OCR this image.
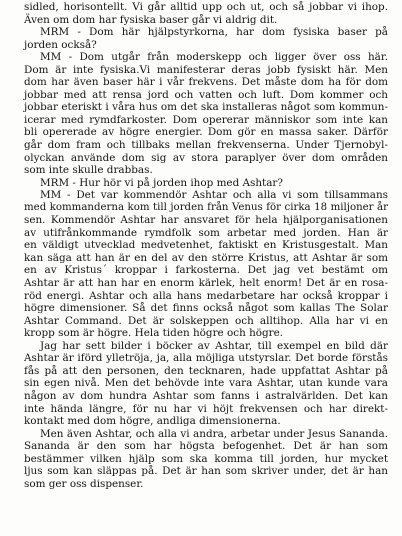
sidled, horisontellt. Vi går alltid upp och ut, och så jobbar vi ihop.
Även om dom har fysiska baser går vi aldrig dit.
MRM - Dom här hjälpstyrkorna, har dom fysiska baser på
jorden också?
MM - Dom utgår från moderskepp och ligger över oss här.
Dom är inte fysiska.Vi manifesterar deras jobb fysiskt här. Men
dom har även baser här i vår frekvens. Det måste dom ha för dom
jobbar med att rensa jord och vatten och luft. Dom kommer och
jobbar eteriskt i våra hus om det ska installeras något som kommun-
icerar med rymdfarkoster. Dom opererar människor som inte kan
bli opererade av högre energier. Dom gör en massa saker. Därför
går dom fram och tillbaks mellan frekvenserna. Under Tjernobyl-
olyckan använde dom sig av stora paraplyer över dom områden
som inte skulle drabbas.
MRM - Hur hör vi på jorden ihop med Ashtar?
MM - Det var kommendör Ashtar och alla vi som tillsammans
med kommanderna kom till jorden från Venus för cirka 18 miljoner år
sen. Kommendör Ashtar har ansvaret för hela hjälporganisationen
av utifrånkommande rymdfolk som arbetar med jorden. Han är
en väldigt utvecklad medvetenhet, faktiskt en Kristusgestalt. Man
kan säga att han är en del av den större Kristus, att Ashtar är som
en av Kristus´ kroppar i farkosterna. Det jag vet bestämt om
Ashtar är att han har en enorm kärlek, helt enorm! Det är en rosa-
röd energi. Ashtar och alla hans medarbetare har också kroppar i
högre dimensioner. Så det finns också något som kallas The Solar
Ashtar Command. Det är solskeppen och alltihop. Alla har vi en
kropp som är högre. Hela tiden högre och högre.
Jag har sett bilder i böcker av Ashtar, till exempel en bild där
Ashtar är iförd ylletröja, ja, alla möjliga utstyrslar. Det borde förstås
fås på att den personen, den tecknaren, hade uppfattat Ashtar på
sin egen nivå. Men det behövde inte vara Ashtar, utan kunde vara
någon av dom hundra Ashtar som fanns i astralvärlden. Det kan
inte hända längre, för nu har vi höjt frekvensen och har direkt-
kontakt med dom högre, andliga dimensionerna.
Men även Ashtar, och alla vi andra, arbetar under Jesus Sananda.
Sananda är den som har högsta befogenhet. Det är han som
bestämmer vilken hjälp som ska komma till jorden, hur mycket
ljus som kan släppas på. Det är han som skriver under, det är han
som ger oss dispenser.
